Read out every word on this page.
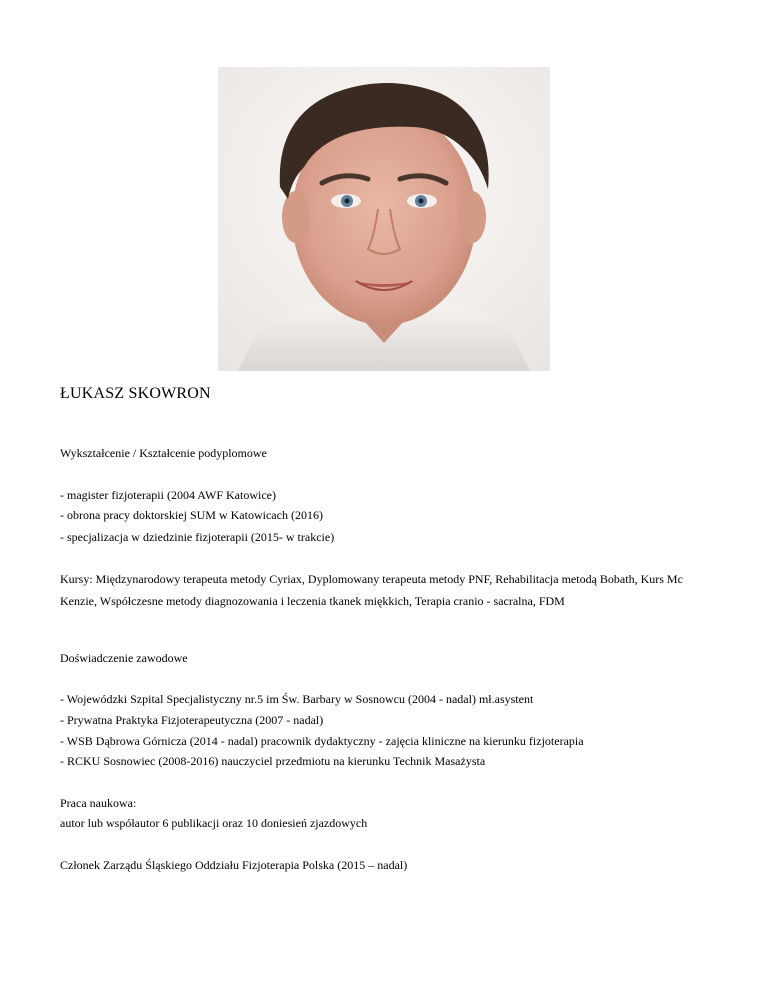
ŁUKASZ SKOWRON
Wykształcenie / Kształcenie podyplomowe
- magister fizjoterapii (2004 AWF Katowice)
- obrona pracy doktorskiej SUM w Katowicach (2016)
- specjalizacja w dziedzinie fizjoterapii (2015- w trakcie)
Kursy: Międzynarodowy terapeuta metody Cyriax, Dyplomowany terapeuta metody PNF, Rehabilitacja metodą Bobath, Kurs Mc
Kenzie, Współczesne metody diagnozowania i leczenia tkanek miękkich, Terapia cranio - sacralna, FDM
Doświadczenie zawodowe
- Wojewódzki Szpital Specjalistyczny nr.5 im Św. Barbary w Sosnowcu (2004 - nadal) mł.asystent
- Prywatna Praktyka Fizjoterapeutyczna (2007 - nadal)
- WSB Dąbrowa Górnicza (2014 - nadal) pracownik dydaktyczny - zajęcia kliniczne na kierunku fizjoterapia
- RCKU Sosnowiec (2008-2016) nauczyciel przedmiotu na kierunku Technik Masażysta
Praca naukowa:
autor lub współautor 6 publikacji oraz 10 doniesień zjazdowych
Członek Zarządu Śląskiego Oddziału Fizjoterapia Polska (2015 – nadal)
